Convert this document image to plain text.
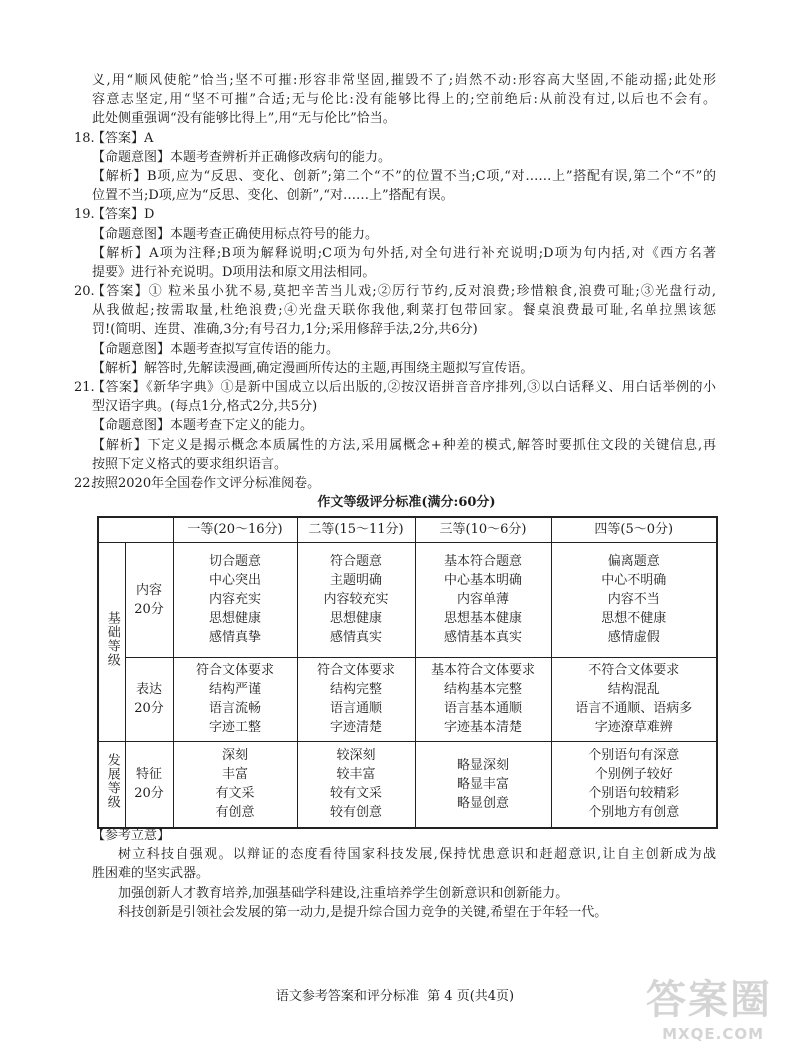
义,用“顺风使舵”恰当;坚不可摧:形容非常坚固,摧毁不了;岿然不动:形容高大坚固,不能动摇;此处形
容意志坚定,用“坚不可摧”合适;无与伦比:没有能够比得上的;空前绝后:从前没有过,以后也不会有。
此处侧重强调“没有能够比得上”,用“无与伦比”恰当。
18.
【答案】A
【命题意图】本题考查辨析并正确修改病句的能力。
【解析】B项,应为“反思、变化、创新”;第二个“不”的位置不当;C项,“对……上”搭配有误,第二个“不”的
位置不当;D项,应为“反思、变化、创新”,“对……上”搭配有误。
19.
【答案】D
【命题意图】本题考查正确使用标点符号的能力。
【解析】A项为注释;B项为解释说明;C项为句外括,对全句进行补充说明;D项为句内括,对《西方名著
提要》进行补充说明。D项用法和原文用法相同。
20.
【答案】① 粒米虽小犹不易,莫把辛苦当儿戏;②厉行节约,反对浪费;珍惜粮食,浪费可耻;③光盘行动,
从我做起;按需取量,杜绝浪费;④光盘天联你我他,剩菜打包带回家。餐桌浪费最可耻,名单拉黑该惩
罚!(简明、连贯、准确,3分;有号召力,1分;采用修辞手法,2分,共6分)
【命题意图】本题考查拟写宣传语的能力。
【解析】解答时,先解读漫画,确定漫画所传达的主题,再围绕主题拟写宣传语。
21.
【答案】《新华字典》①是新中国成立以后出版的,②按汉语拼音音序排列,③以白话释义、用白话举例的小
型汉语字典。(每点1分,格式2分,共5分)
【命题意图】本题考查下定义的能力。
【解析】下定义是揭示概念本质属性的方法,采用属概念+种差的模式,解答时要抓住文段的关键信息,再
按照下定义格式的要求组织语言。
22.
按照2020年全国卷作文评分标准阅卷。
作文等级评分标准(满分:60分)
		一等(20～16分)	二等(15～11分)	三等(10～6分)	四等(5～0分)
基础等级	内容
20分	切合题意
中心突出
内容充实
思想健康
感情真挚	符合题意
主题明确
内容较充实
思想健康
感情真实	基本符合题意
中心基本明确
内容单薄
思想基本健康
感情基本真实	偏离题意
中心不明确
内容不当
思想不健康
感情虚假
	表达
20分	符合文体要求
结构严谨
语言流畅
字迹工整	符合文体要求
结构完整
语言通顺
字迹清楚	基本符合文体要求
结构基本完整
语言基本通顺
字迹基本清楚	不符合文体要求
结构混乱
语言不通顺、语病多
字迹潦草难辨
发展等级	特征
20分	深刻
丰富
有文采
有创意	较深刻
较丰富
较有文采
较有创意	略显深刻
略显丰富
略显创意	个别语句有深意
个别例子较好
个别语句较精彩
个别地方有创意
【参考立意】
树立科技自强观。以辩证的态度看待国家科技发展,保持忧患意识和赶超意识,让自主创新成为战
胜困难的坚实武器。
加强创新人才教育培养,加强基础学科建设,注重培养学生创新意识和创新能力。
科技创新是引领社会发展的第一动力,是提升综合国力竞争的关键,希望在于年轻一代。
语文参考答案和评分标准  第 4 页(共4页)	答案圈
MXQE.COM
